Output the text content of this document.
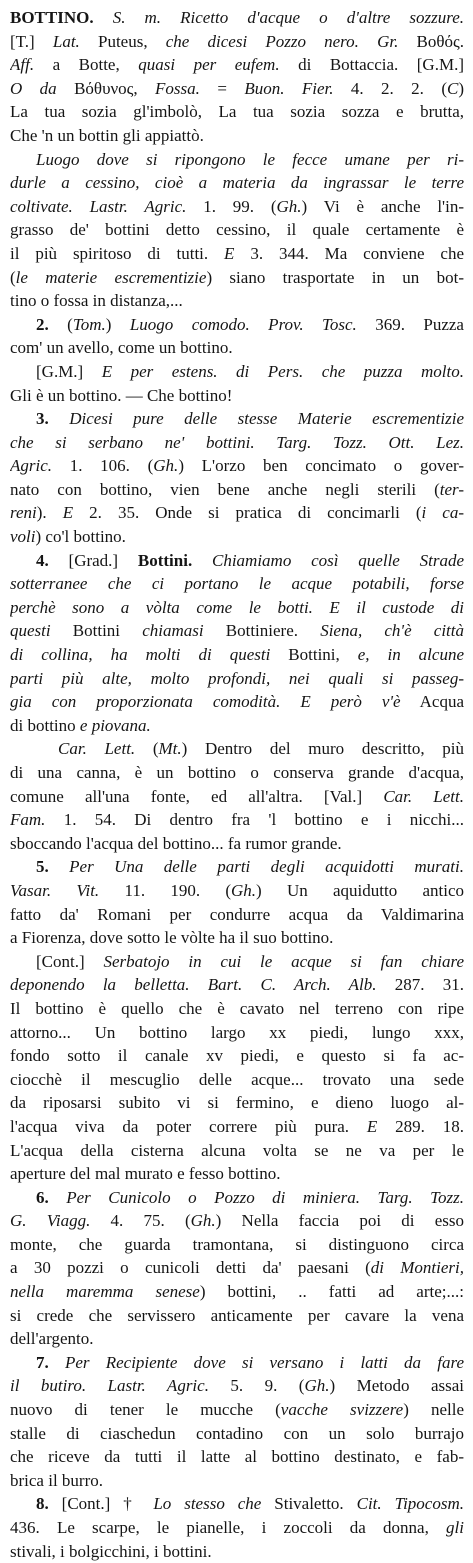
BOTTINO. S. m. Ricetto d'acque o d'altre sozzure.
[T.] Lat. Puteus, che dicesi Pozzo nero. Gr. Βοθός.
Aff. a Botte, quasi per eufem. di Bottaccia. [G.M.]
O da Βόθυνος, Fossa. = Buon. Fier. 4. 2. 2. (C)
La tua sozia gl'imbolò, La tua sozia sozza e brutta,
Che 'n un bottin gli appiattò.
Luogo dove si ripongono le fecce umane per ri-
durle a cessino, cioè a materia da ingrassar le terre
coltivate. Lastr. Agric. 1. 99. (Gh.) Vi è anche l'in-
grasso de' bottini detto cessino, il quale certamente è
il più spiritoso di tutti. E 3. 344. Ma conviene che
(le materie escrementizie) siano trasportate in un bot-
tino o fossa in distanza,...
2. (Tom.) Luogo comodo. Prov. Tosc. 369. Puzza
com' un avello, come un bottino.
[G.M.] E per estens. di Pers. che puzza molto.
Gli è un bottino. — Che bottino!
3. Dicesi pure delle stesse Materie escrementizie
che si serbano ne' bottini. Targ. Tozz. Ott. Lez.
Agric. 1. 106. (Gh.) L'orzo ben concimato o gover-
nato con bottino, vien bene anche negli sterili (ter-
reni). E 2. 35. Onde si pratica di concimarli (i ca-
voli) co'l bottino.
4. [Grad.] Bottini. Chiamiamo così quelle Strade
sotterranee che ci portano le acque potabili, forse
perchè sono a vòlta come le botti. E il custode di
questi Bottini chiamasi Bottiniere. Siena, ch'è città
di collina, ha molti di questi Bottini, e, in alcune
parti più alte, molto profondi, nei quali si passeg-
gia con proporzionata comodità. E però v'è Acqua
di bottino e piovana.
Car. Lett. (Mt.) Dentro del muro descritto, più
di una canna, è un bottino o conserva grande d'acqua,
comune all'una fonte, ed all'altra. [Val.] Car. Lett.
Fam. 1. 54. Di dentro fra 'l bottino e i nicchi...
sboccando l'acqua del bottino... fa rumor grande.
5. Per Una delle parti degli acquidotti murati.
Vasar. Vit. 11. 190. (Gh.) Un aquidutto antico
fatto da' Romani per condurre acqua da Valdimarina
a Fiorenza, dove sotto le vòlte ha il suo bottino.
[Cont.] Serbatojo in cui le acque si fan chiare
deponendo la belletta. Bart. C. Arch. Alb. 287. 31.
Il bottino è quello che è cavato nel terreno con ripe
attorno... Un bottino largo xx piedi, lungo xxx,
fondo sotto il canale xv piedi, e questo si fa ac-
ciocchè il mescuglio delle acque... trovato una sede
da riposarsi subito vi si fermino, e dieno luogo al-
l'acqua viva da poter correre più pura. E 289. 18.
L'acqua della cisterna alcuna volta se ne va per le
aperture del mal murato e fesso bottino.
6. Per Cunicolo o Pozzo di miniera. Targ. Tozz.
G. Viagg. 4. 75. (Gh.) Nella faccia poi di esso
monte, che guarda tramontana, si distinguono circa
a 30 pozzi o cunicoli detti da' paesani (di Montieri,
nella maremma senese) bottini, .. fatti ad arte;...:
si crede che servissero anticamente per cavare la vena
dell'argento.
7. Per Recipiente dove si versano i latti da fare
il butiro. Lastr. Agric. 5. 9. (Gh.) Metodo assai
nuovo di tener le mucche (vacche svizzere) nelle
stalle di ciaschedun contadino con un solo burrajo
che riceve da tutti il latte al bottino destinato, e fab-
brica il burro.
8. [Cont.] † Lo stesso che Stivaletto. Cit. Tipocosm.
436. Le scarpe, le pianelle, i zoccoli da donna, gli
stivali, i bolgicchini, i bottini.
